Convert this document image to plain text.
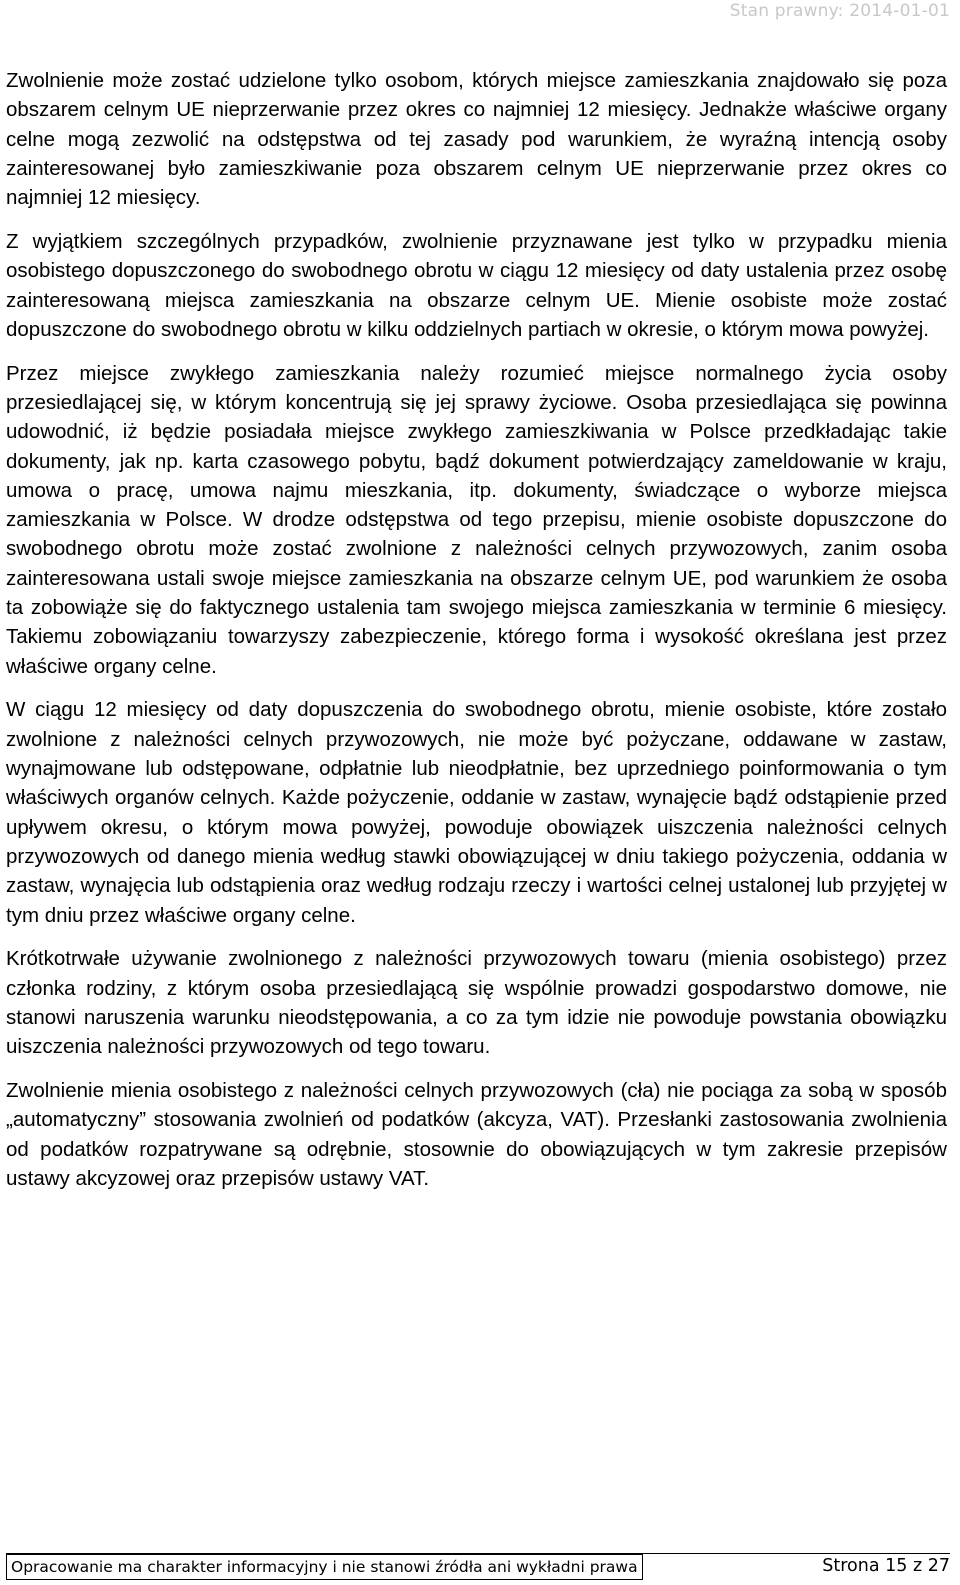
Stan prawny: 2014-01-01

Zwolnienie może zostać udzielone tylko osobom, których miejsce zamieszkania znajdowało się poza obszarem celnym UE nieprzerwanie przez okres co najmniej 12 miesięcy. Jednakże właściwe organy celne mogą zezwolić na odstępstwa od tej zasady pod warunkiem, że wyraźną intencją osoby zainteresowanej było zamieszkiwanie poza obszarem celnym UE nieprzerwanie przez okres co najmniej 12 miesięcy.

Z wyjątkiem szczególnych przypadków, zwolnienie przyznawane jest tylko w przypadku mienia osobistego dopuszczonego do swobodnego obrotu w ciągu 12 miesięcy od daty ustalenia przez osobę zainteresowaną miejsca zamieszkania na obszarze celnym UE. Mienie osobiste może zostać dopuszczone do swobodnego obrotu w kilku oddzielnych partiach w okresie, o którym mowa powyżej.

Przez miejsce zwykłego zamieszkania należy rozumieć miejsce normalnego życia osoby przesiedlającej się, w którym koncentrują się jej sprawy życiowe. Osoba przesiedlająca się powinna udowodnić, iż będzie posiadała miejsce zwykłego zamieszkiwania w Polsce przedkładając takie dokumenty, jak np. karta czasowego pobytu, bądź dokument potwierdzający zameldowanie w kraju, umowa o pracę, umowa najmu mieszkania, itp. dokumenty, świadczące o wyborze miejsca zamieszkania w Polsce. W drodze odstępstwa od tego przepisu, mienie osobiste dopuszczone do swobodnego obrotu może zostać zwolnione z należności celnych przywozowych, zanim osoba zainteresowana ustali swoje miejsce zamieszkania na obszarze celnym UE, pod warunkiem że osoba ta zobowiąże się do faktycznego ustalenia tam swojego miejsca zamieszkania w terminie 6 miesięcy. Takiemu zobowiązaniu towarzyszy zabezpieczenie, którego forma i wysokość określana jest przez właściwe organy celne.

W ciągu 12 miesięcy od daty dopuszczenia do swobodnego obrotu, mienie osobiste, które zostało zwolnione z należności celnych przywozowych, nie może być pożyczane, oddawane w zastaw, wynajmowane lub odstępowane, odpłatnie lub nieodpłatnie, bez uprzedniego poinformowania o tym właściwych organów celnych. Każde pożyczenie, oddanie w zastaw, wynajęcie bądź odstąpienie przed upływem okresu, o którym mowa powyżej, powoduje obowiązek uiszczenia należności celnych przywozowych od danego mienia według stawki obowiązującej w dniu takiego pożyczenia, oddania w zastaw, wynajęcia lub odstąpienia oraz według rodzaju rzeczy i wartości celnej ustalonej lub przyjętej w tym dniu przez właściwe organy celne.

Krótkotrwałe używanie zwolnionego z należności przywozowych towaru (mienia osobistego) przez członka rodziny, z którym osoba przesiedlającą się wspólnie prowadzi gospodarstwo domowe, nie stanowi naruszenia warunku nieodstępowania, a co za tym idzie nie powoduje powstania obowiązku uiszczenia należności przywozowych od tego towaru.

Zwolnienie mienia osobistego z należności celnych przywozowych (cła) nie pociąga za sobą w sposób „automatyczny” stosowania zwolnień od podatków (akcyza, VAT). Przesłanki zastosowania zwolnienia od podatków rozpatrywane są odrębnie, stosownie do obowiązujących w tym zakresie przepisów ustawy akcyzowej oraz przepisów ustawy VAT.

Opracowanie ma charakter informacyjny i nie stanowi źródła ani wykładni prawa	Strona 15 z 27
